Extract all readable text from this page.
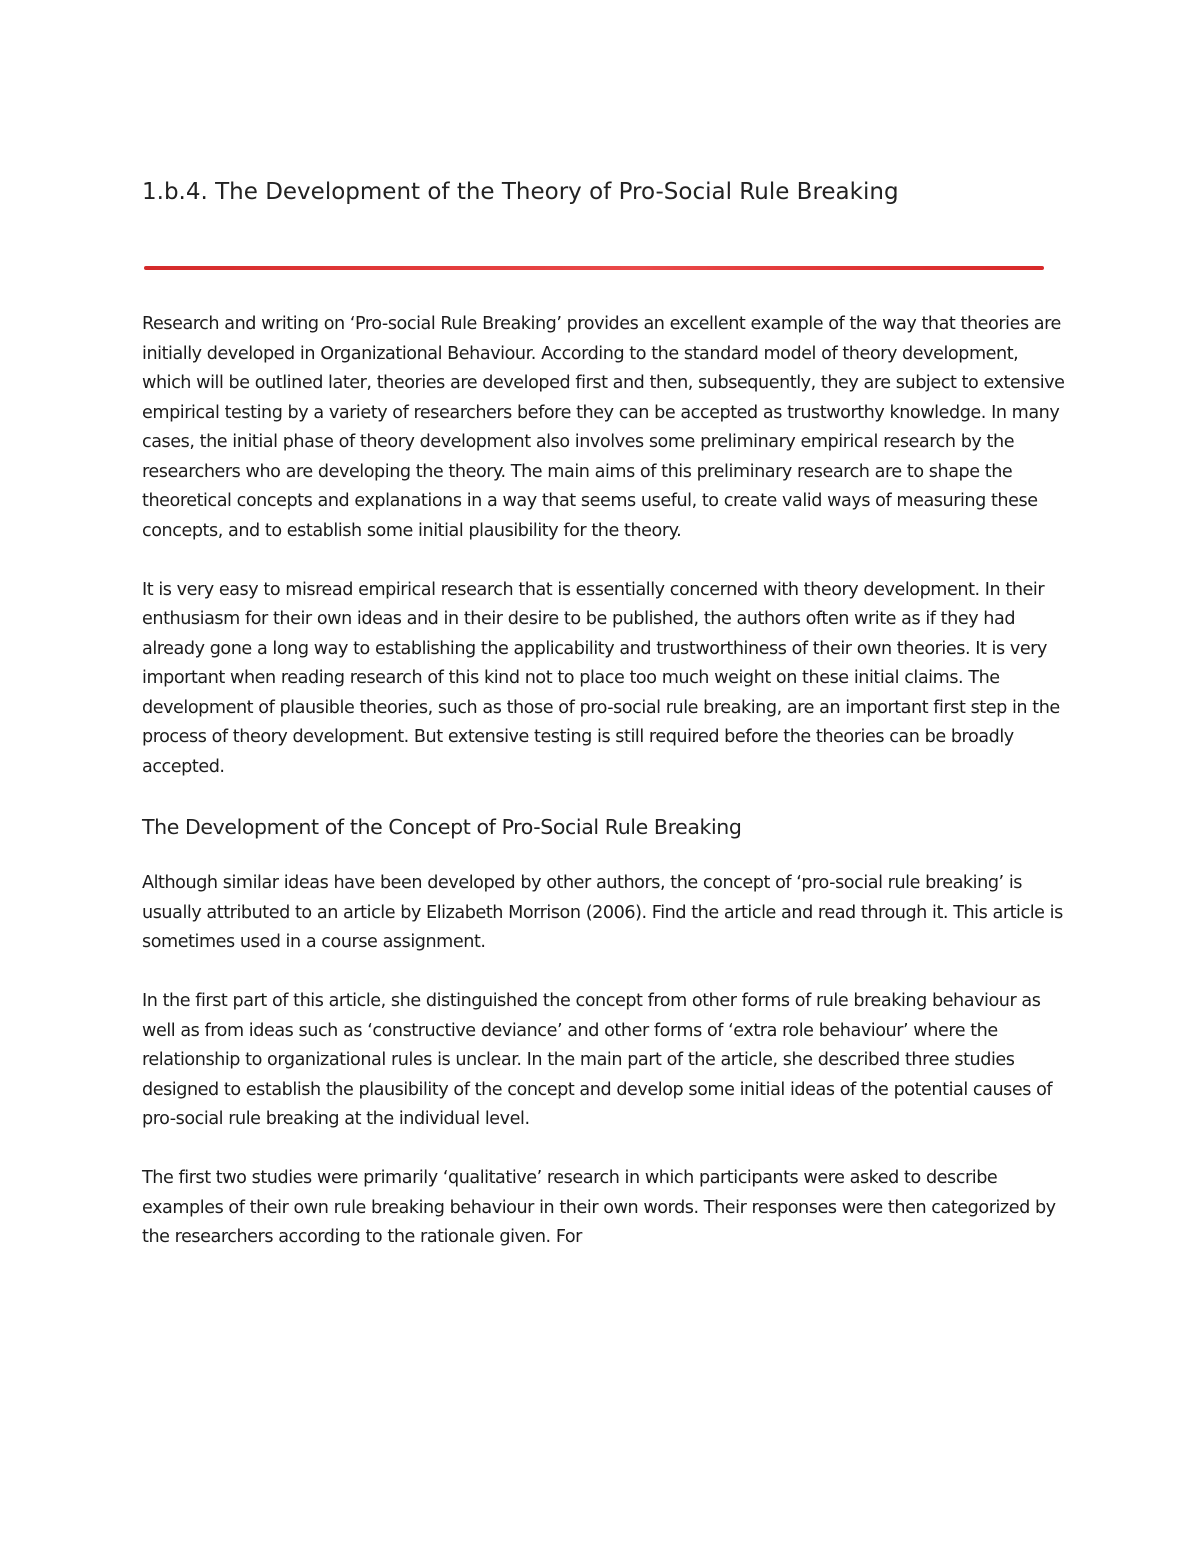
1.b.4. The Development of the Theory of Pro-Social Rule Breaking

Research and writing on ‘Pro-social Rule Breaking’ provides an excellent example of the way that theories are initially developed in Organizational Behaviour. According to the standard model of theory development, which will be outlined later, theories are developed first and then, subsequently, they are subject to extensive empirical testing by a variety of researchers before they can be accepted as trustworthy knowledge. In many cases, the initial phase of theory development also involves some preliminary empirical research by the researchers who are developing the theory. The main aims of this preliminary research are to shape the theoretical concepts and explanations in a way that seems useful, to create valid ways of measuring these concepts, and to establish some initial plausibility for the theory.

It is very easy to misread empirical research that is essentially concerned with theory development. In their enthusiasm for their own ideas and in their desire to be published, the authors often write as if they had already gone a long way to establishing the applicability and trustworthiness of their own theories. It is very important when reading research of this kind not to place too much weight on these initial claims. The development of plausible theories, such as those of pro-social rule breaking, are an important first step in the process of theory development. But extensive testing is still required before the theories can be broadly accepted.

The Development of the Concept of Pro-Social Rule Breaking

Although similar ideas have been developed by other authors, the concept of ‘pro-social rule breaking’ is usually attributed to an article by Elizabeth Morrison (2006). Find the article and read through it. This article is sometimes used in a course assignment.

In the first part of this article, she distinguished the concept from other forms of rule breaking behaviour as well as from ideas such as ‘constructive deviance’ and other forms of ‘extra role behaviour’ where the relationship to organizational rules is unclear. In the main part of the article, she described three studies designed to establish the plausibility of the concept and develop some initial ideas of the potential causes of pro-social rule breaking at the individual level.

The first two studies were primarily ‘qualitative’ research in which participants were asked to describe examples of their own rule breaking behaviour in their own words. Their responses were then categorized by the researchers according to the rationale given. For
